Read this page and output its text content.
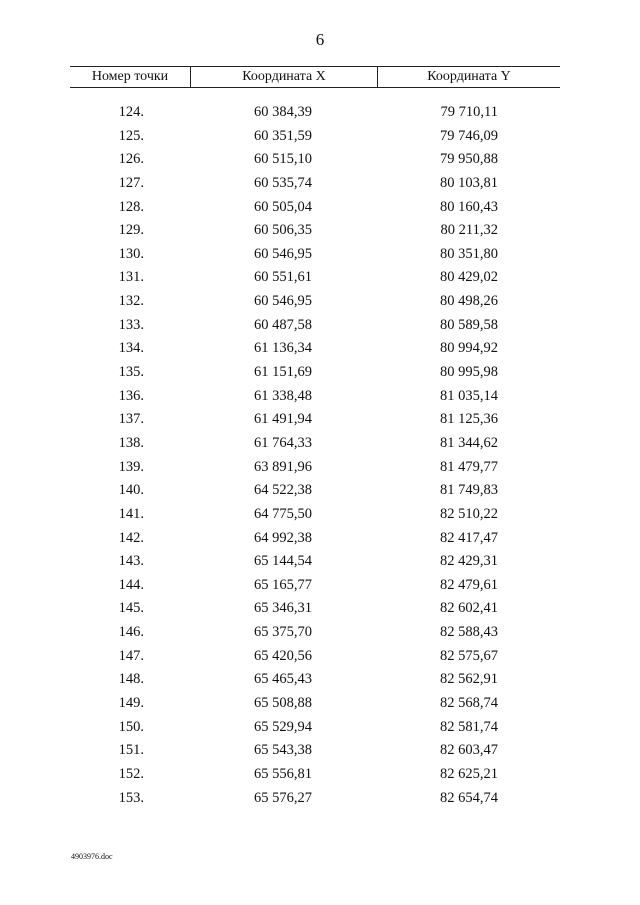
6
Номер точки	Координата X	Координата Y
124.	60 384,39	79 710,11
125.	60 351,59	79 746,09
126.	60 515,10	79 950,88
127.	60 535,74	80 103,81
128.	60 505,04	80 160,43
129.	60 506,35	80 211,32
130.	60 546,95	80 351,80
131.	60 551,61	80 429,02
132.	60 546,95	80 498,26
133.	60 487,58	80 589,58
134.	61 136,34	80 994,92
135.	61 151,69	80 995,98
136.	61 338,48	81 035,14
137.	61 491,94	81 125,36
138.	61 764,33	81 344,62
139.	63 891,96	81 479,77
140.	64 522,38	81 749,83
141.	64 775,50	82 510,22
142.	64 992,38	82 417,47
143.	65 144,54	82 429,31
144.	65 165,77	82 479,61
145.	65 346,31	82 602,41
146.	65 375,70	82 588,43
147.	65 420,56	82 575,67
148.	65 465,43	82 562,91
149.	65 508,88	82 568,74
150.	65 529,94	82 581,74
151.	65 543,38	82 603,47
152.	65 556,81	82 625,21
153.	65 576,27	82 654,74
4903976.doc
